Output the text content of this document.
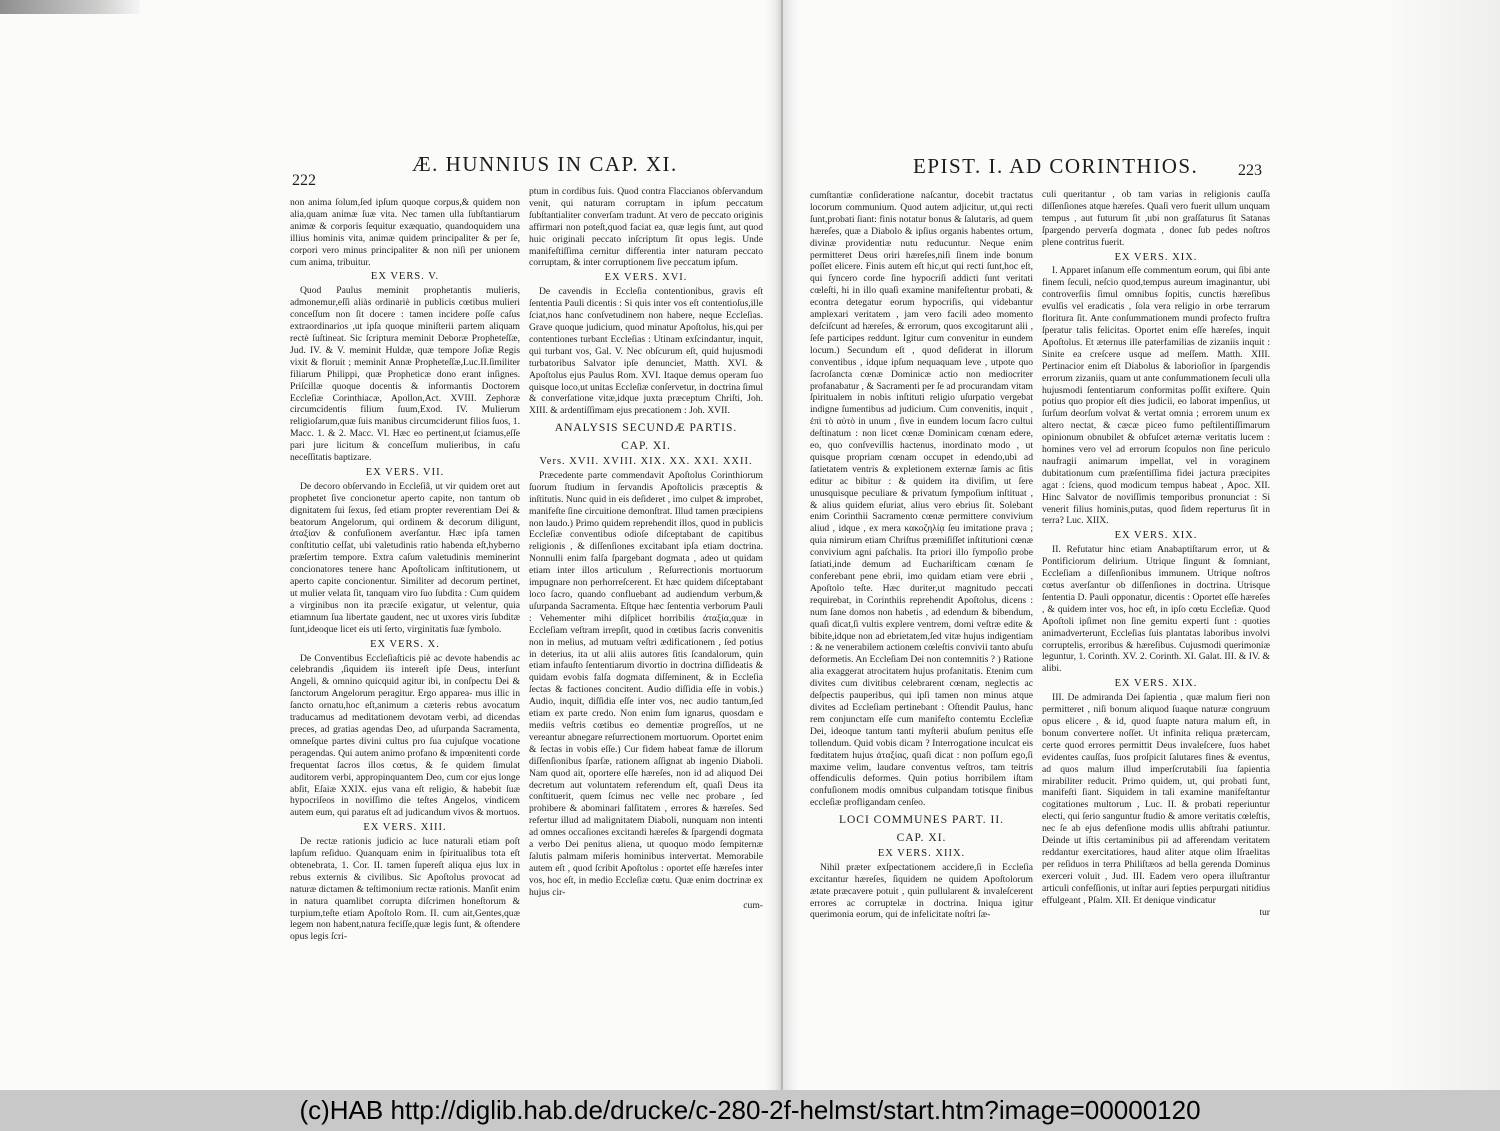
222
Æ. HUNNIUS IN CAP. XI.

non anima ſolum,ſed ipſum quoque corpus,& quidem non alia,quam animæ ſuæ vita. Nec tamen ulla ſubſtantiarum animæ & corporis ſequitur exæquatio, quandoquidem una illius hominis vita, animæ quidem principaliter & per ſe, corpori vero minus principaliter & non niſi per unionem cum anima, tribuitur.

EX VERS. V.

Quod Paulus meminit prophetantis mulieris, admonemur,eſſi aliàs ordinariè in publicis cœtibus mulieri conceſſum non ſit docere : tamen incidere poſſe caſus extraordinarios ,ut ipſa quoque miniſterii partem aliquam rectè ſuſtineat. Sic ſcriptura meminit Deboræ Propheteſſæ, Jud. IV. & V. meminit Huldæ, quæ tempore Joſiæ Regis vixit & floruit ; meminit Annæ Propheteſſæ,Luc.II.ſimiliter filiarum Philippi, quæ Propheticæ dono erant inſignes. Priſcillæ quoque docentis & informantis Doctorem Eccleſiæ Corinthiacæ, Apollon,Act. XVIII. Zephoræ circumcidentis filium ſuum,Exod. IV. Mulierum religioſarum,quæ ſuis manibus circumciderunt filios ſuos, 1. Macc. 1. & 2. Macc. VI. Hæc eo pertinent,ut ſciamus,eſſe pari jure licitum & conceſſum mulieribus, in caſu neceſſitatis baptizare.

EX VERS. VII.

De decoro obſervando in Eccleſiâ, ut vir quidem oret aut prophetet ſive concionetur aperto capite, non tantum ob dignitatem ſui ſexus, ſed etiam propter reverentiam Dei & beatorum Angelorum, qui ordinem & decorum diligunt, ἀταξίαν & confuſionem averſantur. Hæc ipſa tamen conſtitutio ceſſat, ubi valetudinis ratio habenda eſt,hyberno præſertim tempore. Extra caſum valetudinis meminerint concionatores tenere hanc Apoſtolicam inſtitutionem, ut aperto capite concionentur. Similiter ad decorum pertinet, ut mulier velata ſit, tanquam viro ſuo ſubdita : Cum quidem a virginibus non ita præciſe exigatur, ut velentur, quia etiamnum ſua libertate gaudent, nec ut uxores viris ſubditæ ſunt,ideoque licet eis uti ſerto, virginitatis ſuæ ſymbolo.

EX VERS. X.

De Conventibus Eccleſiaſticis piè ac devote habendis ac celebrandis ,ſiquidem iis intereſt ipſe Deus, interſunt Angeli, & omnino quicquid agitur ibi, in conſpectu Dei & ſanctorum Angelorum peragitur. Ergo apparea- mus illic in ſancto ornatu,hoc eſt,animum a cæteris rebus avocatum traducamus ad meditationem devotam verbi, ad dicendas preces, ad gratias agendas Deo, ad uſurpanda Sacramenta, omneſque partes divini cultus pro ſua cujuſque vocatione peragendas. Qui autem animo profano & impœnitenti corde frequentat ſacros illos cœtus, & ſe quidem ſimulat auditorem verbi, appropinquantem Deo, cum cor ejus longe abſit, Eſaiæ XXIX. ejus vana eſt religio, & habebit ſuæ hypocriſeos in noviſſimo die teſtes Angelos, vindicem autem eum, qui paratus eſt ad judicandum vivos & mortuos.

EX VERS. XIII.

De rectæ rationis judicio ac luce naturali etiam poſt lapſum reſiduo. Quanquam enim in ſpiritualibus tota eſt obtenebrata, 1. Cor. II. tamen ſupereſt aliqua ejus lux in rebus externis & civilibus. Sic Apoſtolus provocat ad naturæ dictamen & teſtimonium rectæ rationis. Manſit enim in natura quamlibet corrupta diſcrimen honeſtorum & turpium,teſte etiam Apoſtolo Rom. II. cum ait,Gentes,quæ legem non habent,natura feciſſe,quæ legis ſunt, & oſtendere opus legis ſcri-

ptum in cordibus ſuis. Quod contra Flaccianos obſervandum venit, qui naturam corruptam in ipſum peccatum ſubſtantialiter converſam tradunt. At vero de peccato originis affirmari non poteſt,quod faciat ea, quæ legis ſunt, aut quod huic originali peccato inſcriptum ſit opus legis. Unde manifeſtiſſima cernitur differentia inter naturam peccato corruptam, & inter corruptionem ſive peccatum ipſum.

EX VERS. XVI.

De cavendis in Eccleſia contentionibus, gravis eſt ſententia Pauli dicentis : Si quis inter vos eſt contentioſus,ille ſciat,nos hanc conſvetudinem non habere, neque Eccleſias. Grave quoque judicium, quod minatur Apoſtolus, his,qui per contentiones turbant Eccleſias : Utinam exſcindantur, inquit, qui turbant vos, Gal. V. Nec obſcurum eſt, quid hujusmodi turbatoribus Salvator ipſe denunciet, Matth. XVI. & Apoſtolus ejus Paulus Rom. XVI. Itaque demus operam ſuo quisque loco,ut unitas Eccleſiæ conſervetur, in doctrina ſimul & converſatione vitæ,idque juxta præceptum Chriſti, Joh. XIII. & ardentiſſimam ejus precationem : Joh. XVII.

ANALYSIS SECUNDÆ PARTIS.
CAP. XI.
Vers. XVII. XVIII. XIX. XX. XXI. XXII.

Præcedente parte commendavit Apoſtolus Corinthiorum ſuorum ſtudium in ſervandis Apoſtolicis præceptis & inſtitutis. Nunc quid in eis deſideret , imo culpet & improbet, manifeſte ſine circuitione demonſtrat. Illud tamen præcipiens non laudo.) Primo quidem reprehendit illos, quod in publicis Eccleſiæ conventibus odioſe diſceptabant de capitibus religionis , & diſſenſiones excitabant ipſa etiam doctrina. Nonnulli enim falſa ſpargebant dogmata , adeo ut quidam etiam inter illos articulum , Reſurrectionis mortuorum impugnare non perhorreſcerent. Et hæc quidem diſceptabant loco ſacro, quando confluebant ad audiendum verbum,& uſurpanda Sacramenta. Eſtque hæc ſententia verborum Pauli : Vehementer mihi diſplicet horribilis ἀταξία,quæ in Eccleſiam veſtram irrepſit, quod in cœtibus ſacris convenitis non in melius, ad mutuam veſtri ædificationem , ſed potius in deterius, ita ut alii aliis autores ſitis ſcandalorum, quin etiam infauſto ſententiarum divortio in doctrina diſſideatis & quidam evobis falſa dogmata diſſeminent, & in Eccleſia ſectas & factiones concitent. Audio diſſidia eſſe in vobis.) Audio, inquit, diſſidia eſſe inter vos, nec audio tantum,ſed etiam ex parte credo. Non enim ſum ignarus, quosdam e mediis veſtris cœtibus eo dementiæ progreſſos, ut ne vereantur abnegare reſurrectionem mortuorum. Oportet enim & ſectas in vobis eſſe.) Cur fidem habeat famæ de illorum diſſenſionibus ſparſæ, rationem aſſignat ab ingenio Diaboli. Nam quod ait, oportere eſſe hæreſes, non id ad aliquod Dei decretum aut voluntatem referendum eſt, quaſi Deus ita conſtituerit, quem ſcimus nec velle nec probare , ſed prohibere & abominari falſitatem , errores & hæreſes. Sed refertur illud ad malignitatem Diaboli, nunquam non intenti ad omnes occaſiones excitandi hæreſes & ſpargendi dogmata a verbo Dei penitus aliena, ut quoquo modo ſempiternæ ſalutis palmam miſeris hominibus intervertat. Memorabile autem eſt , quod ſcribit Apoſtolus : oportet eſſe hæreſes inter vos, hoc eſt, in medio Eccleſiæ cœtu. Quæ enim doctrinæ ex hujus cir-

cum-
EPIST. I. AD CORINTHIOS. 223

cumſtantiæ conſideratione naſcantur, docebit tractatus locorum communium. Quod autem adjicitur, ut,qui recti ſunt,probati ſiant: finis notatur bonus & ſalutaris, ad quem hæreſes, quæ a Diabolo & ipſius organis habentes ortum, divinæ providentiæ nutu reducuntur. Neque enim permitteret Deus oriri hæreſes,niſi ſinem inde bonum poſſet elicere. Finis autem eſt hic,ut qui recti ſunt,hoc eſt, qui ſyncero corde ſine hypocriſi addicti ſunt veritati cœleſti, hi in illo quaſi examine manifeſtentur probati, & econtra detegatur eorum hypocriſis, qui videbantur amplexari veritatem , jam vero facili adeo momento deſciſcunt ad hæreſes, & errorum, quos excogitarunt alii , ſeſe participes reddunt. Igitur cum convenitur in eundem locum.) Secundum eſt , quod deſiderat in illorum conventibus , idque ipſum nequaquam leve , utpote quo ſacroſancta cœnæ Dominicæ actio non mediocriter profanabatur , & Sacramenti per ſe ad procurandam vitam ſpiritualem in nobis inſtituti religio uſurpatio vergebat indigne ſumentibus ad judicium. Cum convenitis, inquit , ἐπὶ τὸ αὐτὸ in unum , ſive in eundem locum ſacro cultui deſtinatum : non licet cœnæ Dominicam cœnam edere, eo, quo conſvevillis hactenus, inordinato modo , ut quisque propriam cœnam occupet in edendo,ubi ad ſatietatem ventris & expletionem externæ ſamis ac ſitis editur ac bibitur : & quidem ita diviſim, ut ſere unusquisque peculiare & privatum ſympoſium inſtituat , & alius quidem eſuriat, alius vero ebrius ſit. Solebant enim Corinthii Sacramento cœnæ permittere convivium aliud , idque , ex mera κακοζηλίᾳ ſeu imitatione prava ; quia nimirum etiam Chriſtus præmiſiſſet inſtitutioni cœnæ convivium agni paſchalis. Ita priori illo ſympoſio probe ſatiati,inde demum ad Euchariſticam cœnam ſe conferebant pene ebrii, imo quidam etiam vere ebrii , Apoſtolo teſte. Hæc duriter,ut magnitudo peccati requirebat, in Corinthiis reprehendit Apoſtolus, dicens : num ſane domos non habetis , ad edendum & bibendum, quaſi dicat,ſi vultis explere ventrem, domi veſtræ edite & bibite,idque non ad ebrietatem,ſed vitæ hujus indigentiam : & ne venerabilem actionem cœleſtis convivii tanto abuſu deformetis. An Eccleſiam Dei non contemnitis ? ) Ratione alia exaggerat atrocitatem hujus profanitatis. Etenim cum divites cum divitibus celebrarent cœnam, neglectis ac deſpectis pauperibus, qui ipſi tamen non minus atque divites ad Eccleſiam pertinebant : Oſtendit Paulus, hanc rem conjunctam eſſe cum manifeſto contemtu Eccleſiæ Dei, ideoque tantum tanti myſterii abuſum penitus eſſe tollendum. Quid vobis dicam ? Interrogatione inculcat eis fœditatem hujus ἀταξίας, quaſi dicat : non poſſum ego,ſi maxime velim, laudare conventus veſtros, tam teitris offendiculis deformes. Quin potius horribilem iſtam confuſionem modis omnibus culpandam totisque finibus eccleſiæ profligandam cenſeo.

LOCI COMMUNES PART. II.
CAP. XI.
EX VERS. XIIX.

Nihil præter exſpectationem accidere,ſi in Eccleſia excitantur hæreſes, ſiquidem ne quidem Apoſtolorum ætate præcavere potuit , quin pullularent & invaleſcerent errores ac corruptelæ in doctrina. Iniqua igitur querimonia eorum, qui de infelicitate noſtri ſæ-

culi queritantur , ob tam varias in religionis cauſſa diſſenſiones atque hæreſes. Quaſi vero fuerit ullum unquam tempus , aut futurum ſit ,ubi non graſſaturus ſit Satanas ſpargendo perverſa dogmata , donec ſub pedes noſtros plene contritus fuerit.

EX VERS. XIX.

I. Apparet inſanum eſſe commentum eorum, qui ſibi ante finem ſeculi, neſcio quod,tempus aureum imaginantur, ubi controverſiis ſimul omnibus ſopitis, cunctis hæreſibus evulſis vel eradicatis , ſola vera religio in orbe terrarum floritura ſit. Ante conſummationem mundi profecto fruſtra ſperatur talis felicitas. Oportet enim eſſe hæreſes, inquit Apoſtolus. Et æternus ille paterfamilias de zizaniis inquit : Sinite ea creſcere usque ad meſſem. Matth. XIII. Pertinacior enim eſt Diabolus & laborioſior in ſpargendis errorum zizaniis, quam ut ante conſummationem ſeculi ulla hujusmodi ſententiarum conformitas poſſit exiſtere. Quin potius quo propior eſt dies judicii, eo laborat impenſius, ut ſurſum deorſum volvat & vertat omnia ; errorem unum ex altero nectat, & cæcæ piceo fumo peſtilentiſſimarum opinionum obnubilet & obfuſcet æternæ veritatis lucem : homines vero vel ad errorum ſcopulos non ſine periculo naufragii animarum impellat, vel in voraginem dubitationum cum præſentiſſima fidei jactura præcipites agat : ſciens, quod modicum tempus habeat , Apoc. XII. Hinc Salvator de noviſſimis temporibus pronunciat : Si venerit filius hominis,putas, quod ſidem reperturus ſit in terra? Luc. XIIX.

EX VERS. XIX.

II. Refutatur hinc etiam Anabaptiſtarum error, ut & Pontificiorum delirium. Utrique ſingunt & ſomniant, Eccleſiam a diſſenſionibus immunem. Utrique noſtros cœtus averſantur ob diſſenſiones in doctrina. Utrisque ſententia D. Pauli opponatur, dicentis : Oportet eſſe hæreſes , & quidem inter vos, hoc eſt, in ipſo cœtu Eccleſiæ. Quod Apoſtoli ipſimet non ſine gemitu experti ſunt : quoties animadverterunt, Eccleſias ſuis plantatas laboribus involvi corruptelis, erroribus & hæreſibus. Cujusmodi querimoniæ leguntur, 1. Corinth. XV. 2. Corinth. XI. Galat. III. & IV. & alibi.

EX VERS. XIX.

III. De admiranda Dei ſapientia , quæ malum fieri non permitteret , niſi bonum aliquod ſuaque naturæ congruum opus elicere , & id, quod ſuapte natura malum eſt, in bonum convertere noſſet. Ut infinita reliqua prætercam, certe quod errores permittit Deus invaleſcere, ſuos habet evidentes cauſſas, ſuos proſpicit ſalutares fines & eventus, ad quos malum illud imperſcrutabili ſua ſapientia mirabiliter reducit. Primo quidem, ut, qui probati ſunt, manifeſti ſiant. Siquidem in tali examine manifeſtantur cogitationes multorum , Luc. II. & probati reperiuntur electi, qui ſerio sanguntur ſtudio & amore veritatis cœleſtis, nec ſe ab ejus defenſione modis ullis abſtrahi patiuntur. Deinde ut iſtis certaminibus pii ad afferendam veritatem reddantur exercitatiores, haud aliter atque olim Iſraelitas per reſiduos in terra Philiſtæos ad bella gerenda Dominus exerceri voluit , Jud. III. Eadem vero opera illuſtrantur articuli confeſſionis, ut inſtar auri ſepties perpurgati nitidius effulgeant , Pſalm. XII. Et denique vindicatur

tur
(c)HAB http://diglib.hab.de/drucke/c-280-2f-helmst/start.htm?image=00000120
